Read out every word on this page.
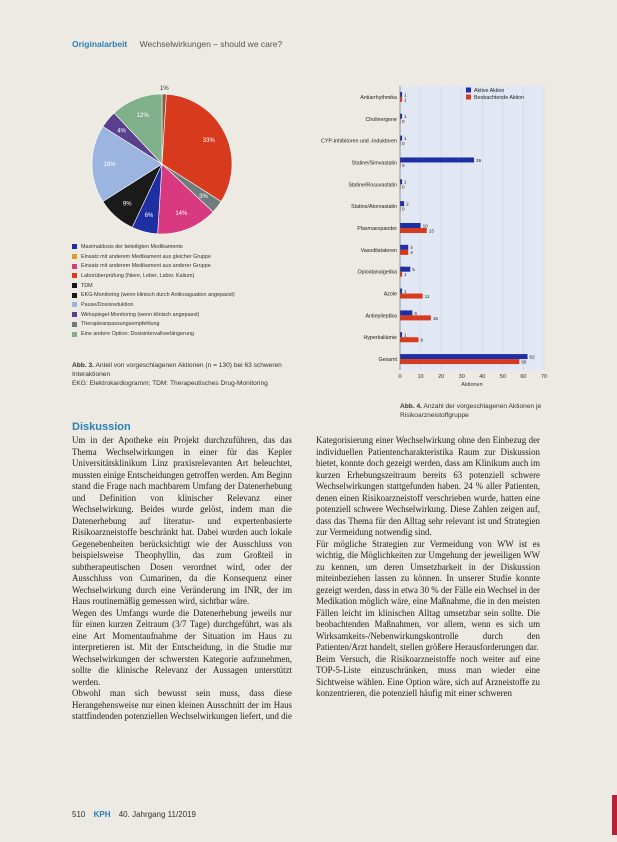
Originalarbeit Wechselwirkungen – should we care?
1%
33%
3%
14%
6%
9%
18%
4%
12%
Maximaldosis der beteiligten Medikamente
Einsatz mit anderem Medikament aus gleicher Gruppe
Einsatz mit anderem Medikament aus anderer Gruppe
Laborüberprüfung (Niere, Leber, Labor, Kalium)
TDM
EKG-Monitoring (wenn klinisch durch Antikoaguation angepasst)
Pause/Dosisreduktion
Wirkspiegel-Monitoring (wenn klinisch angepasst)
Therapieanpassungsempfehlung
Eine andere Option: Dosisintervallverlängerung
Abb. 3. Anteil von vorgeschlagenen Aktionen (n = 130) bei 63 schweren Interaktionen
EKG: Elektrokardiogramm; TDM: Therapeutisches Drug-Monitoring
0	10	20	30	40	50	60	70
Aktionen
Antiarrhythmika
1
1
Cholinergene
1
0
CYP-Inhibitoren und -Induktoren
1
0
Statine/Simvastatin
36
0
Statine/Rosuvastatin
1
0
Statine/Atorvastatin
2
0
Plasmaexpander
10
13
Vasodilatatoren
4
4
Opioidanalgetika
5
1
Azole
1
11
Antiepileptika
6
15
Hyperkaliämie
1
9
Gesamt
62
58
Aktive Aktion
Beobachtende Aktion
Abb. 4. Anzahl der vorgeschlagenen Aktionen je Risikoarzneistoffgruppe
Diskussion

Um in der Apotheke ein Projekt durchzuführen, das das Thema Wechselwirkungen in einer für das Kepler Universitätsklinikum Linz praxisrelevanten Art beleuchtet, mussten einige Entscheidungen getroffen werden. Am Beginn stand die Frage nach machbarem Umfang der Datenerhebung und Definition von klinischer Relevanz einer Wechselwirkung. Beides wurde gelöst, indem man die Datenerhebung auf literatur- und expertenbasierte Risikoarzneistoffe beschränkt hat. Dabei wurden auch lokale Gegenebenheiten berücksichtigt wie der Ausschluss von beispielsweise Theophyllin, das zum Großteil in subtherapeutischen Dosen verordnet wird, oder der Ausschluss von Cumarinen, da die Konsequenz einer Wechselwirkung durch eine Veränderung im INR, der im Haus routinemäßig gemessen wird, sichtbar wäre.

Wegen des Umfangs wurde die Datenerhebung jeweils nur für einen kurzen Zeitraum (3/7 Tage) durchgeführt, was als eine Art Momentaufnahme der Situation im Haus zu interpretieren ist. Mit der Entscheidung, in die Studie nur Wechselwirkungen der schwersten Kategorie aufzunehmen, sollte die klinische Relevanz der Aussagen unterstützt werden.

Obwohl man sich bewusst sein muss, dass diese Herangehensweise nur einen kleinen Ausschnitt der im Haus stattfindenden potenziellen Wechselwirkungen liefert, und die

Kategorisierung einer Wechselwirkung ohne den Einbezug der individuellen Patientencharakteristika Raum zur Diskussion bietet, konnte doch gezeigt werden, dass am Klinikum auch im kurzen Erhebungszeitraum bereits 63 potenziell schwere Wechselwirkungen stattgefunden haben. 24 % aller Patienten, denen einen Risikoarzneistoff verschrieben wurde, hatten eine potenziell schwere Wechselwirkung. Diese Zahlen zeigen auf, dass das Thema für den Alltag sehr relevant ist und Strategien zur Vermeidung notwendig sind.

Für mögliche Strategien zur Vermeidung von WW ist es wichtig, die Möglichkeiten zur Umgehung der jeweiligen WW zu kennen, um deren Umsetzbarkeit in der Diskussion miteinbeziehen lassen zu können. In unserer Studie konnte gezeigt werden, dass in etwa 30 % der Fälle ein Wechsel in der Medikation möglich wäre, eine Maßnahme, die in den meisten Fällen leicht im klinischen Alltag umsetzbar sein sollte. Die beobachtenden Maßnahmen, vor allem, wenn es sich um Wirksamkeits-/Nebenwirkungskontrolle durch den Patienten/Arzt handelt, stellen größere Herausforderungen dar.

Beim Versuch, die Risikoarzneistoffe noch weiter auf eine TOP-5-Liste einzuschränken, muss man wieder eine Sichtweise wählen. Eine Option wäre, sich auf Arzneistoffe zu konzentrieren, die potenziell häufig mit einer schweren

510 KPH 40. Jahrgang 11/2019
